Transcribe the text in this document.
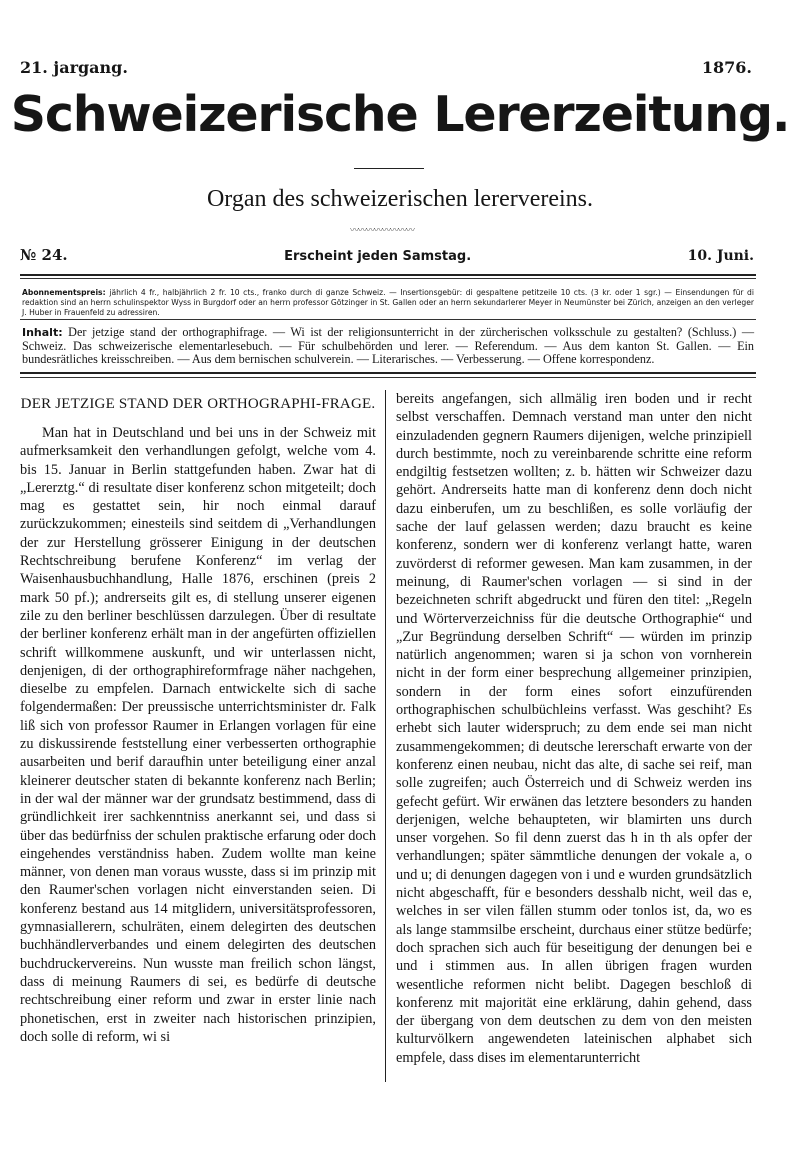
21. jargang.	1876.
Schweizerische Lererzeitung.
Organ des schweizerischen lerervereins.
〰〰〰〰〰〰〰〰
№ 24.	Erscheint jeden Samstag.	10. Juni.
Abonnementspreis: jährlich 4 fr., halbjährlich 2 fr. 10 cts., franko durch di ganze Schweiz. — Insertionsgebür: di gespaltene petitzeile 10 cts. (3 kr. oder 1 sgr.) — Einsendungen für di redaktion sind an herrn schulinspektor Wyss in Burgdorf oder an herrn professor Götzinger in St. Gallen oder an herrn sekundarlerer Meyer in Neumünster bei Zürich, anzeigen an den verleger J. Huber in Frauenfeld zu adressiren.
Inhalt: Der jetzige stand der orthographifrage. — Wi ist der religionsunterricht in der zürcherischen volksschule zu gestalten? (Schluss.) — Schweiz. Das schweizerische elementarlesebuch. — Für schulbehörden und lerer. — Referendum. — Aus dem kanton St. Gallen. — Ein bundesrätliches kreisschreiben. — Aus dem bernischen schulverein. — Literarisches. — Verbesserung. — Offene korrespondenz.
DER JETZIGE STAND DER ORTHOGRAPHI-FRAGE.

Man hat in Deutschland und bei uns in der Schweiz mit aufmerksamkeit den verhandlungen gefolgt, welche vom 4. bis 15. Januar in Berlin stattgefunden haben. Zwar hat di „Lererztg.“ di resultate diser konferenz schon mitgeteilt; doch mag es gestattet sein, hir noch einmal darauf zurückzukommen; einesteils sind seitdem di „Verhandlungen der zur Herstellung grösserer Einigung in der deutschen Rechtschreibung berufene Konferenz“ im verlag der Waisenhausbuchhandlung, Halle 1876, erschinen (preis 2 mark 50 pf.); andrerseits gilt es, di stellung unserer eigenen zile zu den berliner beschlüssen darzulegen. Über di resultate der berliner konferenz erhält man in der angefürten offiziellen schrift willkommene auskunft, und wir unterlassen nicht, denjenigen, di der orthographireformfrage näher nachgehen, dieselbe zu empfelen. Darnach entwickelte sich di sache folgendermaßen: Der preussische unterrichtsminister dr. Falk liß sich von professor Raumer in Erlangen vorlagen für eine zu diskussirende feststellung einer verbesserten orthographie ausarbeiten und berif daraufhin unter beteiligung einer anzal kleinerer deutscher staten di bekannte konferenz nach Berlin; in der wal der männer war der grundsatz bestimmend, dass di gründlichkeit irer sachkenntniss anerkannt sei, und dass si über das bedürfniss der schulen praktische erfarung oder doch eingehendes verständniss haben. Zudem wollte man keine männer, von denen man voraus wusste, dass si im prinzip mit den Raumer'schen vorlagen nicht einverstanden seien. Di konferenz bestand aus 14 mitglidern, universitätsprofessoren, gymnasiallerern, schulräten, einem delegirten des deutschen buchhändlerverbandes und einem delegirten des deutschen buchdruckervereins. Nun wusste man freilich schon längst, dass di meinung Raumers di sei, es bedürfe di deutsche rechtschreibung einer reform und zwar in erster linie nach phonetischen, erst in zweiter nach historischen prinzipien, doch solle di reform, wi si

bereits angefangen, sich allmälig iren boden und ir recht selbst verschaffen. Demnach verstand man unter den nicht einzuladenden gegnern Raumers dijenigen, welche prinzipiell durch bestimmte, noch zu vereinbarende schritte eine reform endgiltig festsetzen wollten; z. b. hätten wir Schweizer dazu gehört. Andrerseits hatte man di konferenz denn doch nicht dazu einberufen, um zu beschlißen, es solle vorläufig der sache der lauf gelassen werden; dazu braucht es keine konferenz, sondern wer di konferenz verlangt hatte, waren zuvörderst di reformer gewesen. Man kam zusammen, in der meinung, di Raumer'schen vorlagen — si sind in der bezeichneten schrift abgedruckt und füren den titel: „Regeln und Wörterverzeichniss für die deutsche Orthographie“ und „Zur Begründung derselben Schrift“ — würden im prinzip natürlich angenommen; waren si ja schon von vornherein nicht in der form einer besprechung allgemeiner prinzipien, sondern in der form eines sofort einzufürenden orthographischen schulbüchleins verfasst. Was geschiht? Es erhebt sich lauter widerspruch; zu dem ende sei man nicht zusammengekommen; di deutsche lererschaft erwarte von der konferenz einen neubau, nicht das alte, di sache sei reif, man solle zugreifen; auch Österreich und di Schweiz werden ins gefecht gefürt. Wir erwänen das letztere besonders zu handen derjenigen, welche behaupteten, wir blamirten uns durch unser vorgehen. So fil denn zuerst das h in th als opfer der verhandlungen; später sämmtliche denungen der vokale a, o und u; di denungen dagegen von i und e wurden grundsätzlich nicht abgeschafft, für e besonders desshalb nicht, weil das e, welches in ser vilen fällen stumm oder tonlos ist, da, wo es als lange stammsilbe erscheint, durchaus einer stütze bedürfe; doch sprachen sich auch für beseitigung der denungen bei e und i stimmen aus. In allen übrigen fragen wurden wesentliche reformen nicht belibt. Dagegen beschloß di konferenz mit majorität eine erklärung, dahin gehend, dass der übergang von dem deutschen zu dem von den meisten kulturvölkern angewendeten lateinischen alphabet sich empfele, dass dises im elementarunterricht
